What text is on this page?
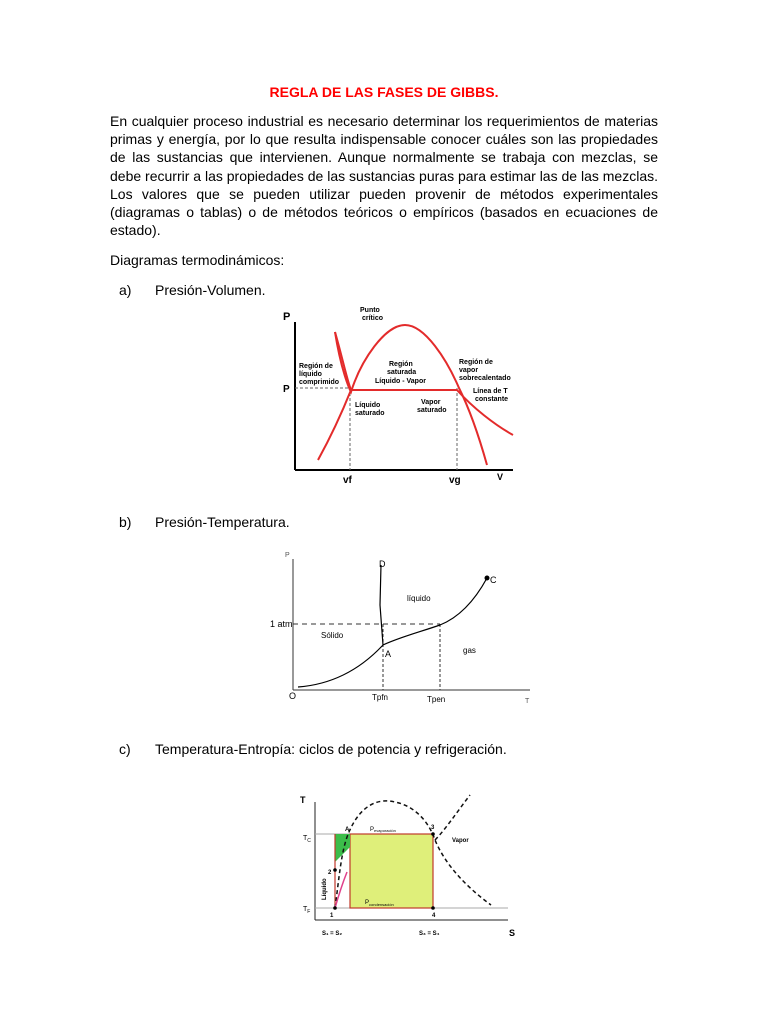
REGLA DE LAS FASES DE GIBBS.
En cualquier proceso industrial es necesario determinar los requerimientos de materias primas y energía, por lo que resulta indispensable conocer cuáles son las propiedades de las sustancias que intervienen. Aunque normalmente se trabaja con mezclas, se debe recurrir a las propiedades de las sustancias puras para estimar las de las mezclas. Los valores que se pueden utilizar pueden provenir de métodos experimentales (diagramas o tablas) o de métodos teóricos o empíricos (basados en ecuaciones de estado).
Diagramas termodinámicos:
a) Presión-Volumen.
P
V
P
Punto
crítico
Región de
líquido
comprimido
Región
saturada
Líquido - Vapor
Región de
vapor
sobrecalentado
Línea de T
constante
Líquido
saturado
Vapor
saturado
vf	vg
b) Presión-Temperatura.
P
T
D
C
A
líquido
Sólido
gas
1 atm
O	Tpfn	Tpen
c) Temperatura-Entropía: ciclos de potencia y refrigeración.
T
S
$T_C$
$T_F$
1
2
3
4
A	Pevaporación
$P_{condensación}$
Vapor
Líquido
S₁ = S₂	S₃ = S₄
